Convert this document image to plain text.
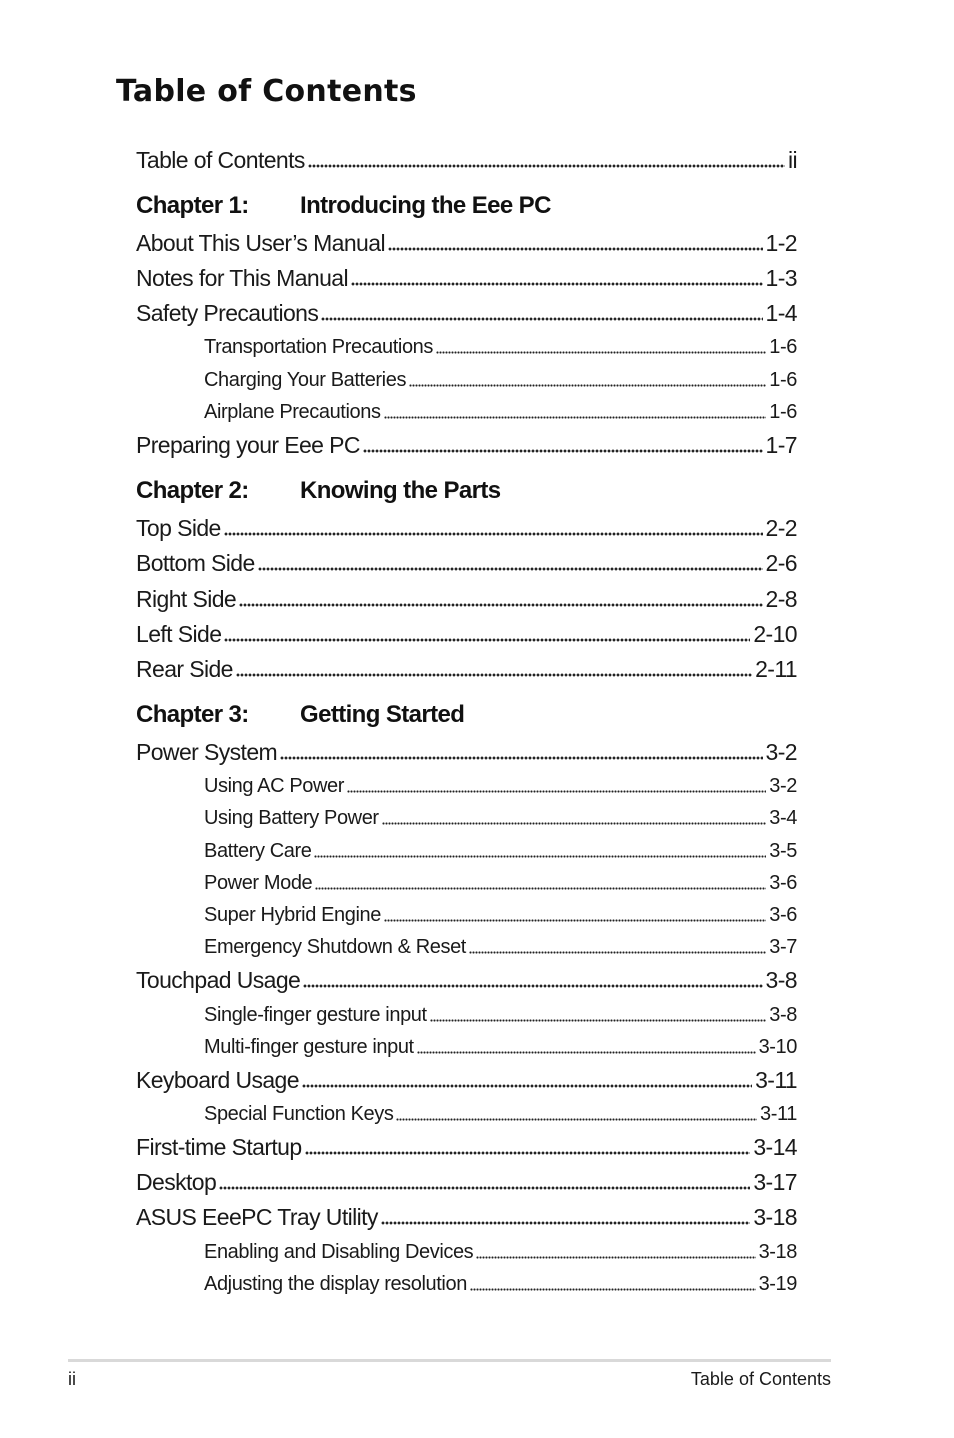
Table of Contents
Table of Contents	ii
Chapter 1: Introducing the Eee PC
About This User’s Manual	1-2
Notes for This Manual	1-3
Safety Precautions	1-4
Transportation Precautions	1-6
Charging Your Batteries	1-6
Airplane Precautions	1-6
Preparing your Eee PC	1-7
Chapter 2: Knowing the Parts
Top Side	2-2
Bottom Side	2-6
Right Side	2-8
Left Side	2-10
Rear Side	2-11
Chapter 3: Getting Started
Power System	3-2
Using AC Power	3-2
Using Battery Power	3-4
Battery Care	3-5
Power Mode	3-6
Super Hybrid Engine	3-6
Emergency Shutdown & Reset	3-7
Touchpad Usage	3-8
Single-finger gesture input	3-8
Multi-finger gesture input	3-10
Keyboard Usage	3-11
Special Function Keys	3-11
First-time Startup	3-14
Desktop	3-17
ASUS EeePC Tray Utility	3-18
Enabling and Disabling Devices	3-18
Adjusting the display resolution	3-19
ii	Table of Contents
